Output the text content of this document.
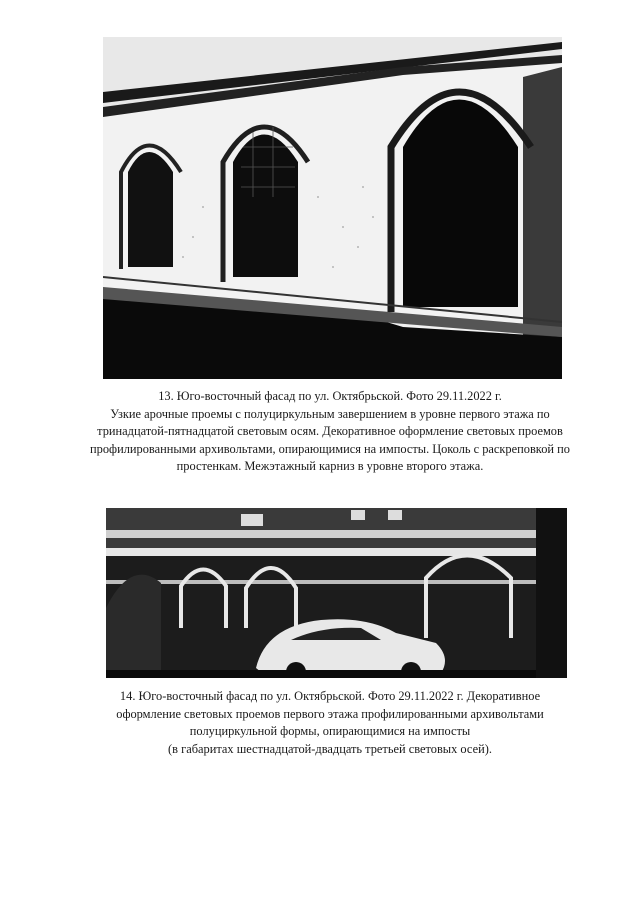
13. Юго-восточный фасад по ул. Октябрьской. Фото 29.11.2022 г.

Узкие арочные проемы с полуциркульным завершением в уровне первого этажа по

тринадцатой-пятнадцатой световым осям. Декоративное оформление световых проемов

профилированными архивольтами, опирающимися на импосты. Цоколь с раскреповкой по

простенкам. Межэтажный карниз в уровне второго этажа.

14. Юго-восточный фасад по ул. Октябрьской. Фото 29.11.2022 г. Декоративное

оформление световых проемов первого этажа профилированными архивольтами

полуциркульной формы, опирающимися на импосты

(в габаритах шестнадцатой-двадцать третьей световых осей).
